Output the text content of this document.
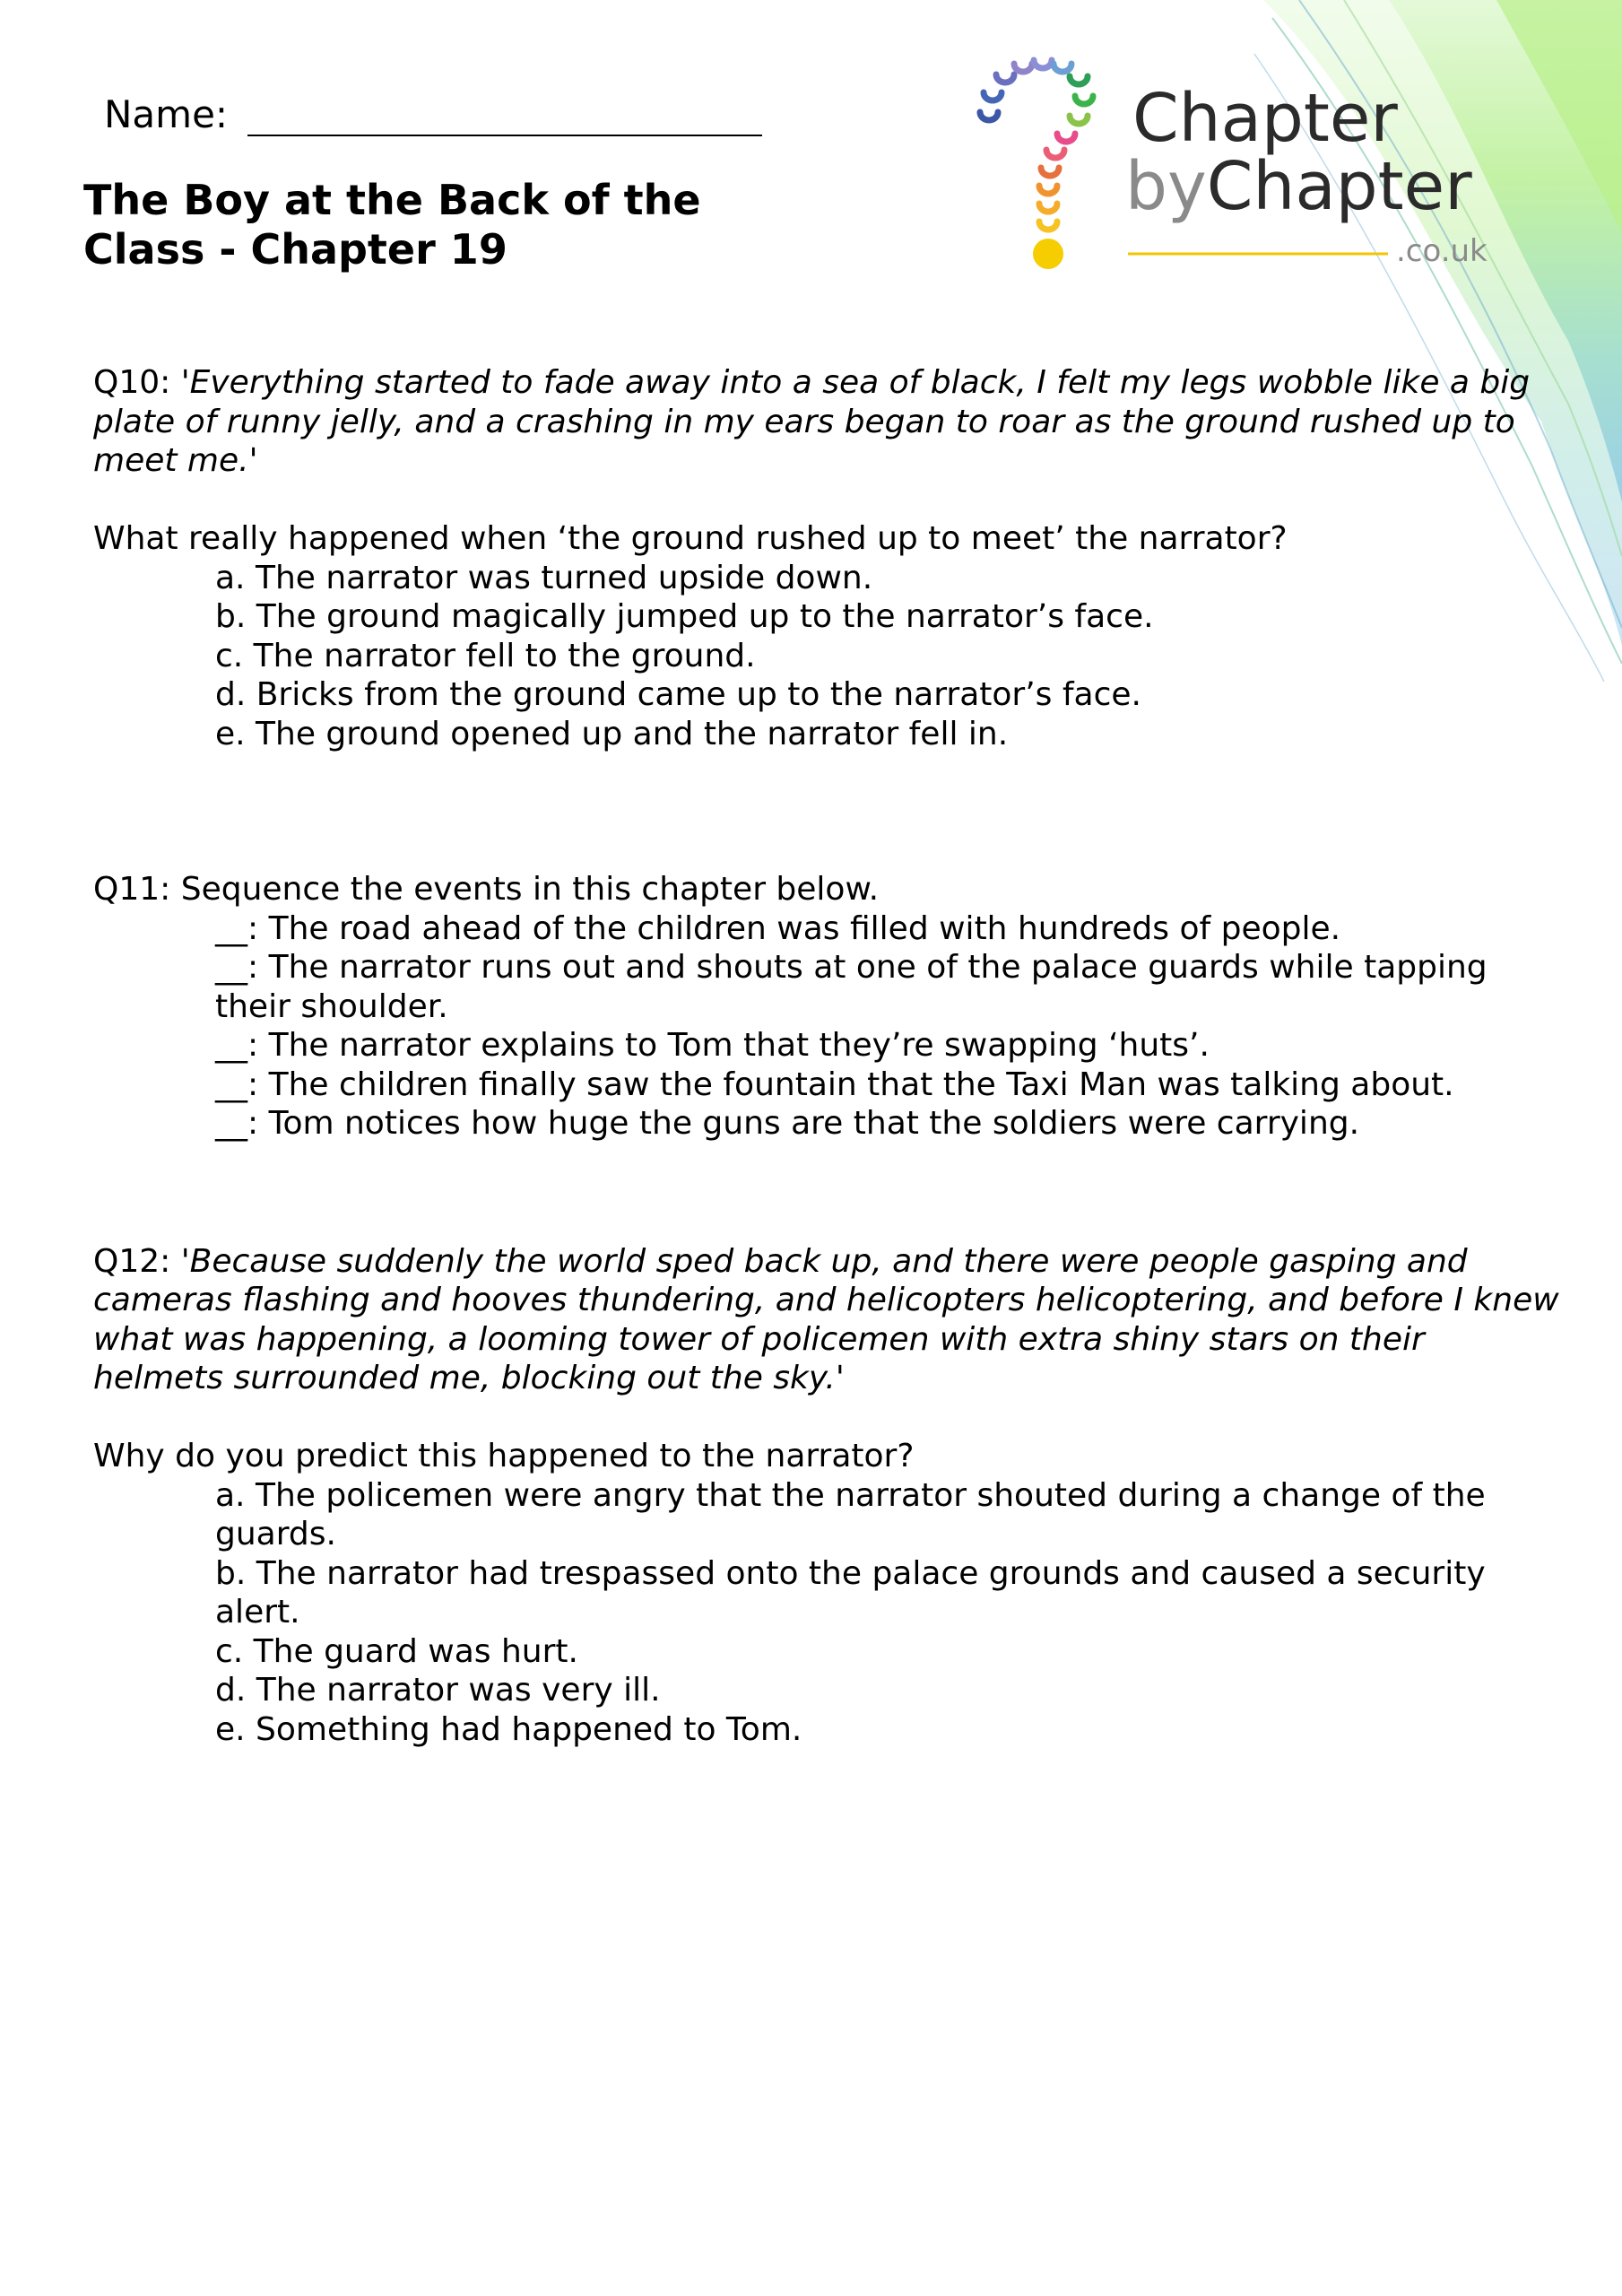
Name:
The Boy at the Back of the
Class - Chapter 19
Chapter
byChapter
.co.uk

Q10: 'Everything started to fade away into a sea of black, I felt my legs wobble like a big plate of runny jelly, and a crashing in my ears began to roar as the ground rushed up to meet me.'

What really happened when ‘the ground rushed up to meet’ the narrator?

a. The narrator was turned upside down.
b. The ground magically jumped up to the narrator’s face.
c. The narrator fell to the ground.
d. Bricks from the ground came up to the narrator’s face.
e. The ground opened up and the narrator fell in.

Q11: Sequence the events in this chapter below.

__: The road ahead of the children was filled with hundreds of people.
__: The narrator runs out and shouts at one of the palace guards while tapping their shoulder.
__: The narrator explains to Tom that they’re swapping ‘huts’.
__: The children finally saw the fountain that the Taxi Man was talking about.
__: Tom notices how huge the guns are that the soldiers were carrying.

Q12: 'Because suddenly the world sped back up, and there were people gasping and cameras flashing and hooves thundering, and helicopters helicoptering, and before I knew what was happening, a looming tower of policemen with extra shiny stars on their helmets surrounded me, blocking out the sky.'

Why do you predict this happened to the narrator?

a. The policemen were angry that the narrator shouted during a change of the guards.
b. The narrator had trespassed onto the palace grounds and caused a security alert.
c. The guard was hurt.
d. The narrator was very ill.
e. Something had happened to Tom.
